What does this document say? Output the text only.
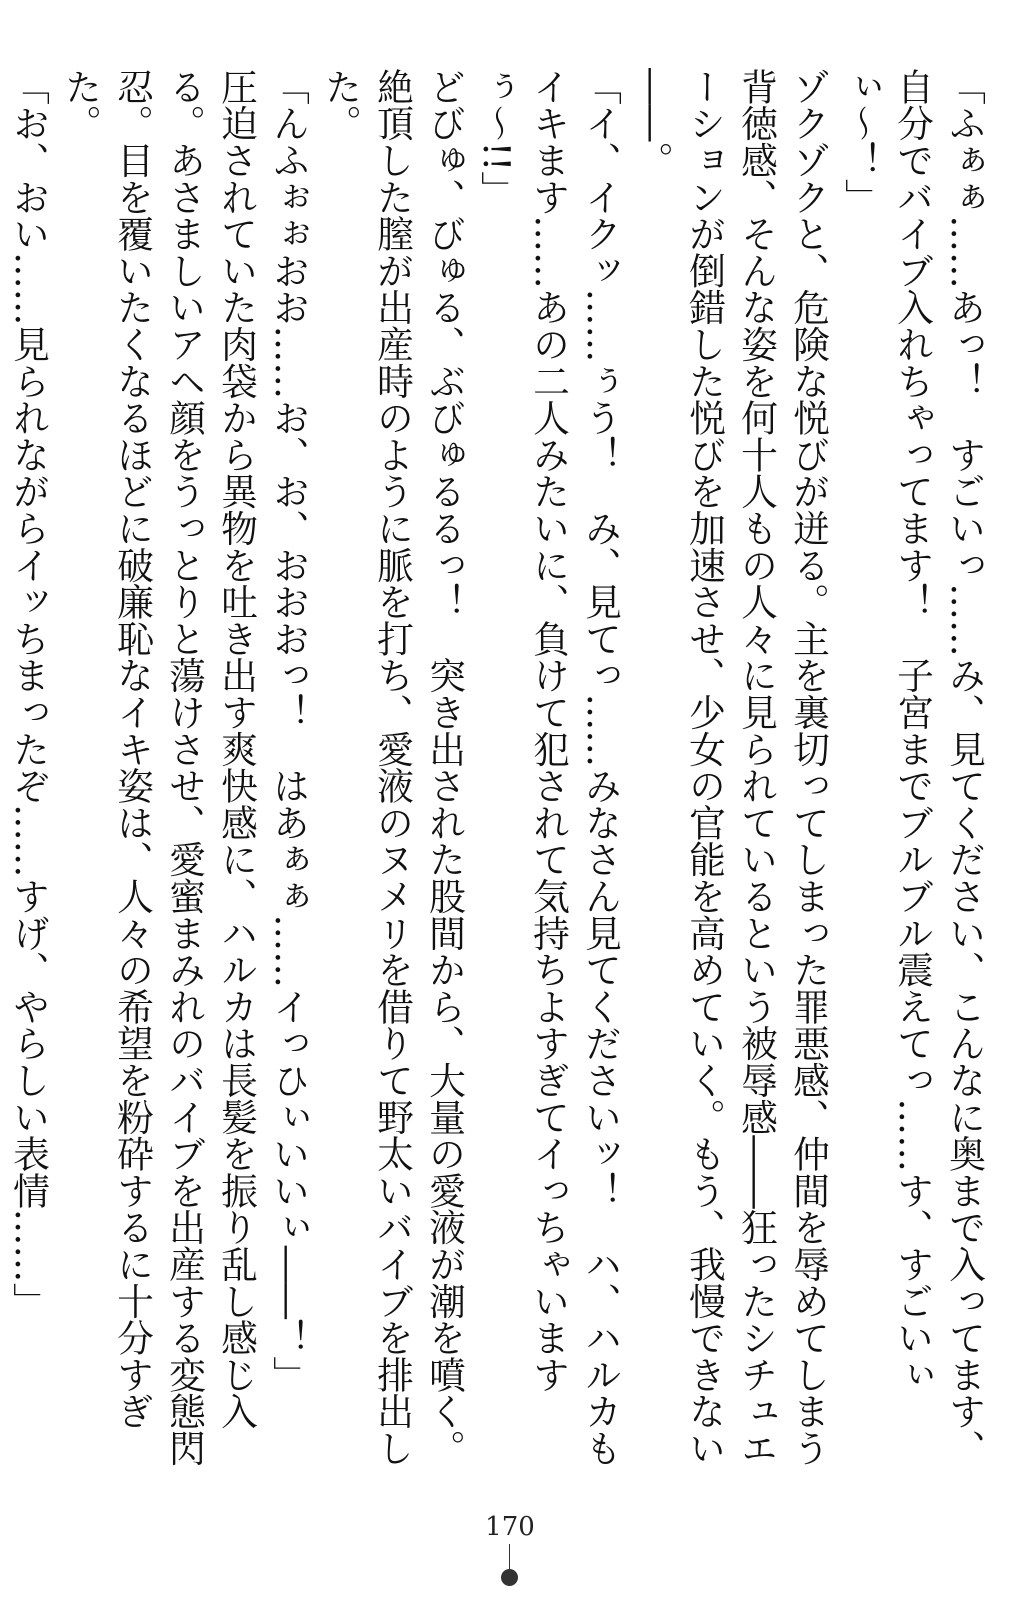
「ふぁぁ……あっ！　すごいっ……み、見てください、こんなに奥まで入ってます、自分でバイブ入れちゃってます！　子宮までブルブル震えてっ……す、すごいぃぃ〜！」

ゾクゾクと、危険な悦びが迸る。主を裏切ってしまった罪悪感、仲間を辱めてしまう背徳感、そんな姿を何十人もの人々に見られているという被辱感――狂ったシチュエーションが倒錯した悦びを加速させ、少女の官能を高めていく。もう、我慢できない――。

「イ、イクッ……ぅう！　み、見てっ……みなさん見てくださいッ！　ハ、ハルカもイキます……あの二人みたいに、負けて犯されて気持ちよすぎてイっちゃいますぅ〜!!」

どびゅ、びゅる、ぶびゅるるっ！　突き出された股間から、大量の愛液が潮を噴く。絶頂した膣が出産時のように脈を打ち、愛液のヌメリを借りて野太いバイブを排出した。

「んふぉぉおお……お、お、おおおっ！　はあぁぁ……イっひぃいいぃ――！」

圧迫されていた肉袋から異物を吐き出す爽快感に、ハルカは長髪を振り乱し感じ入る。あさましいアヘ顔をうっとりと蕩けさせ、愛蜜まみれのバイブを出産する変態閃忍。目を覆いたくなるほどに破廉恥なイキ姿は、人々の希望を粉砕するに十分すぎた。

「お、おい……見られながらイッちまったぞ……すげ、やらしい表情……」

170
